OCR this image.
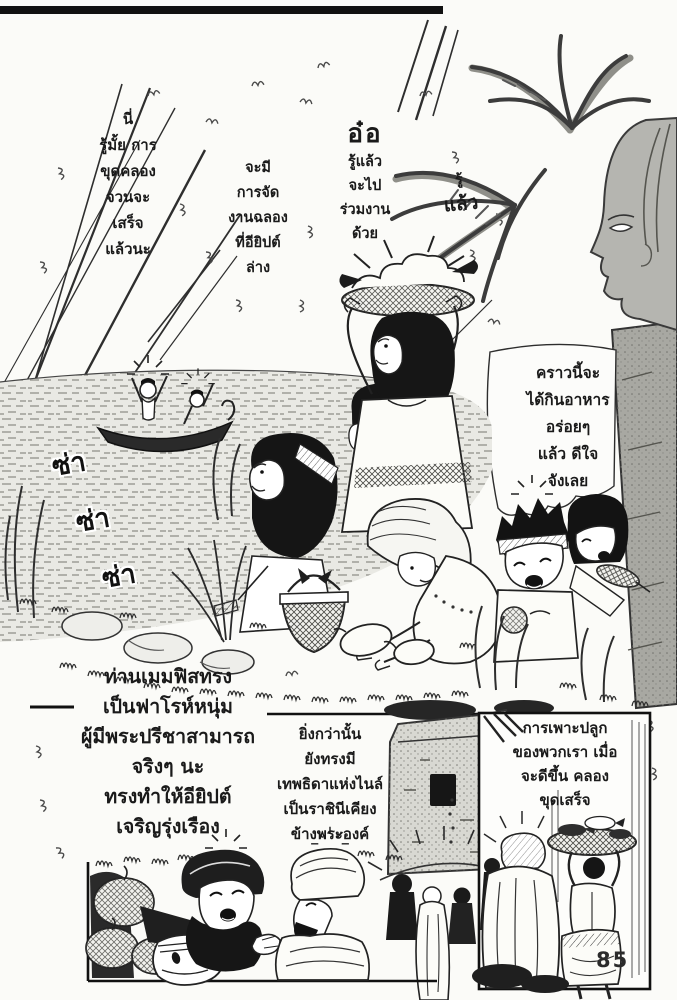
นี่
รู้มั้ย การ
ขุดคลอง
จวนจะ
เสร็จ
แล้วนะ
จะมี
การจัด
งานฉลอง
ที่อียิปต์
ล่าง
อ๋อ
รู้แล้ว
จะไป
ร่วมงาน
ด้วย
รู้
แล้ว
คราวนี้จะ
ได้กินอาหาร
อร่อยๆ
แล้ว ดีใจ
จังเลย
ซ่า
ซ่า
ซ่า
ท่านเมมฟิสทรง
เป็นฟาโรห์หนุ่ม
ผู้มีพระปรีชาสามารถ
จริงๆ นะ
ทรงทำให้อียิปต์
เจริญรุ่งเรือง
ยิ่งกว่านั้น
ยังทรงมี
เทพธิดาแห่งไนล์
เป็นราชินีเคียง
ข้างพระองค์
การเพาะปลูก
ของพวกเรา เมื่อ
จะดีขึ้น คลอง
ขุดเสร็จ
85
